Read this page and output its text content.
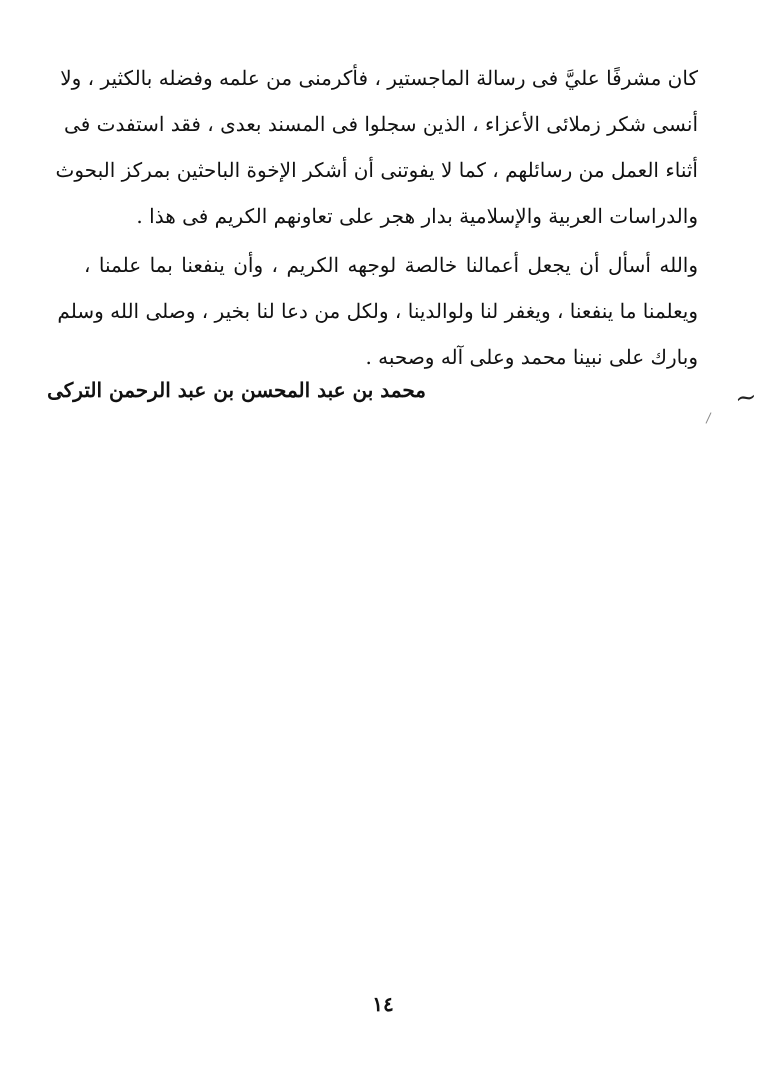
كان مشرفًا عليَّ فى رسالة الماجستير ، فأكرمنى من علمه وفضله بالكثير ، ولا
أنسى شكر زملائى الأعزاء ، الذين سجلوا فى المسند بعدى ، فقد استفدت فى
أثناء العمل من رسائلهم ، كما لا يفوتنى أن أشكر الإخوة الباحثين بمركز البحوث
والدراسات العربية والإسلامية بدار هجر على تعاونهم الكريم فى هذا .
والله أسأل أن يجعل أعمالنا خالصة لوجهه الكريم ، وأن ينفعنا بما علمنا ،
ويعلمنا ما ينفعنا ، ويغفر لنا ولوالدينا ، ولكل من دعا لنا بخير ، وصلى الله وسلم
وبارك على نبينا محمد وعلى آله وصحبه .
محمد بن عبد المحسن بن عبد الرحمن التركى	~
١٤
